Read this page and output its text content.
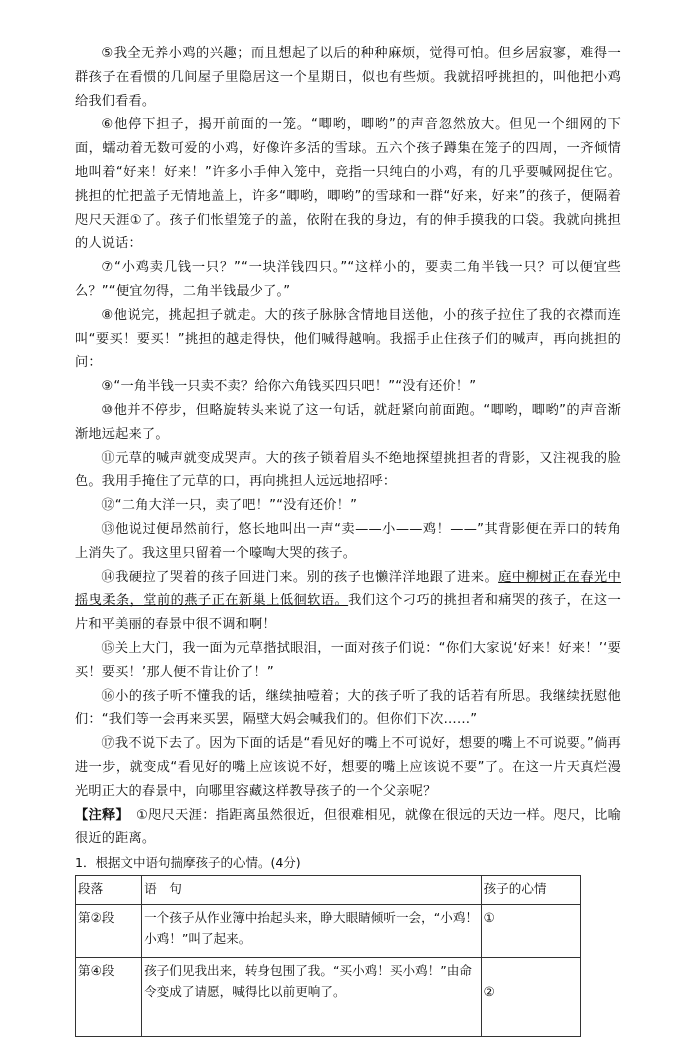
⑤我全无养小鸡的兴趣；而且想起了以后的种种麻烦，觉得可怕。但乡居寂寥，难得一群孩子在看惯的几间屋子里隐居这一个星期日，似也有些烦。我就招呼挑担的，叫他把小鸡给我们看看。

⑥他停下担子，揭开前面的一笼。“唧哟，唧哟”的声音忽然放大。但见一个细网的下面，蠕动着无数可爱的小鸡，好像许多活的雪球。五六个孩子蹲集在笼子的四周，一齐倾情地叫着“好来！好来！”许多小手伸入笼中，竞指一只纯白的小鸡，有的几乎要喊网捉住它。挑担的忙把盖子无情地盖上，许多“唧哟，唧哟”的雪球和一群“好来，好来”的孩子，便隔着咫尺天涯①了。孩子们怅望笼子的盖，依附在我的身边，有的伸手摸我的口袋。我就向挑担的人说话：

⑦“小鸡卖几钱一只？”“一块洋钱四只。”“这样小的，要卖二角半钱一只？可以便宜些么？”“便宜勿得，二角半钱最少了。”

⑧他说完，挑起担子就走。大的孩子脉脉含情地目送他，小的孩子拉住了我的衣襟而连叫“要买！要买！”挑担的越走得快，他们喊得越响。我摇手止住孩子们的喊声，再向挑担的问：

⑨“一角半钱一只卖不卖？给你六角钱买四只吧！”“没有还价！”

⑩他并不停步，但略旋转头来说了这一句话，就赶紧向前面跑。“唧哟，唧哟”的声音渐渐地远起来了。

⑪元草的喊声就变成哭声。大的孩子锁着眉头不绝地探望挑担者的背影，又注视我的脸色。我用手掩住了元草的口，再向挑担人远远地招呼：

⑫“二角大洋一只，卖了吧！”“没有还价！”

⑬他说过便昂然前行，悠长地叫出一声“卖——小——鸡！——”其背影便在弄口的转角上消失了。我这里只留着一个嚎啕大哭的孩子。

⑭我硬拉了哭着的孩子回进门来。别的孩子也懒洋洋地跟了进来。庭中柳树正在春光中摇曳柔条，堂前的燕子正在新巢上低徊软语。我们这个刁巧的挑担者和痛哭的孩子，在这一片和平美丽的春景中很不调和啊！

⑮关上大门，我一面为元草揩拭眼泪，一面对孩子们说：“你们大家说‘好来！好来！’‘要买！要买！’那人便不肯让价了！”

⑯小的孩子听不懂我的话，继续抽噎着；大的孩子听了我的话若有所思。我继续抚慰他们：“我们等一会再来买罢，隔壁大妈会喊我们的。但你们下次……”

⑰我不说下去了。因为下面的话是“看见好的嘴上不可说好，想要的嘴上不可说要。”倘再进一步，就变成“看见好的嘴上应该说不好，想要的嘴上应该说不要”了。在这一片天真烂漫光明正大的春景中，向哪里容藏这样教导孩子的一个父亲呢？

【注释】　 ①咫尺天涯：指距离虽然很近，但很难相见，就像在很远的天边一样。咫尺，比喻很近的距离。

1．根据文中语句揣摩孩子的心情。(4分)
段落	语　句	孩子的心情
第②段	一个孩子从作业簿中抬起头来，睁大眼睛倾听一会，“小鸡！小鸡！”叫了起来。	①
第④段	孩子们见我出来，转身包围了我。“买小鸡！买小鸡！”由命令变成了请愿，喊得比以前更响了。	②
